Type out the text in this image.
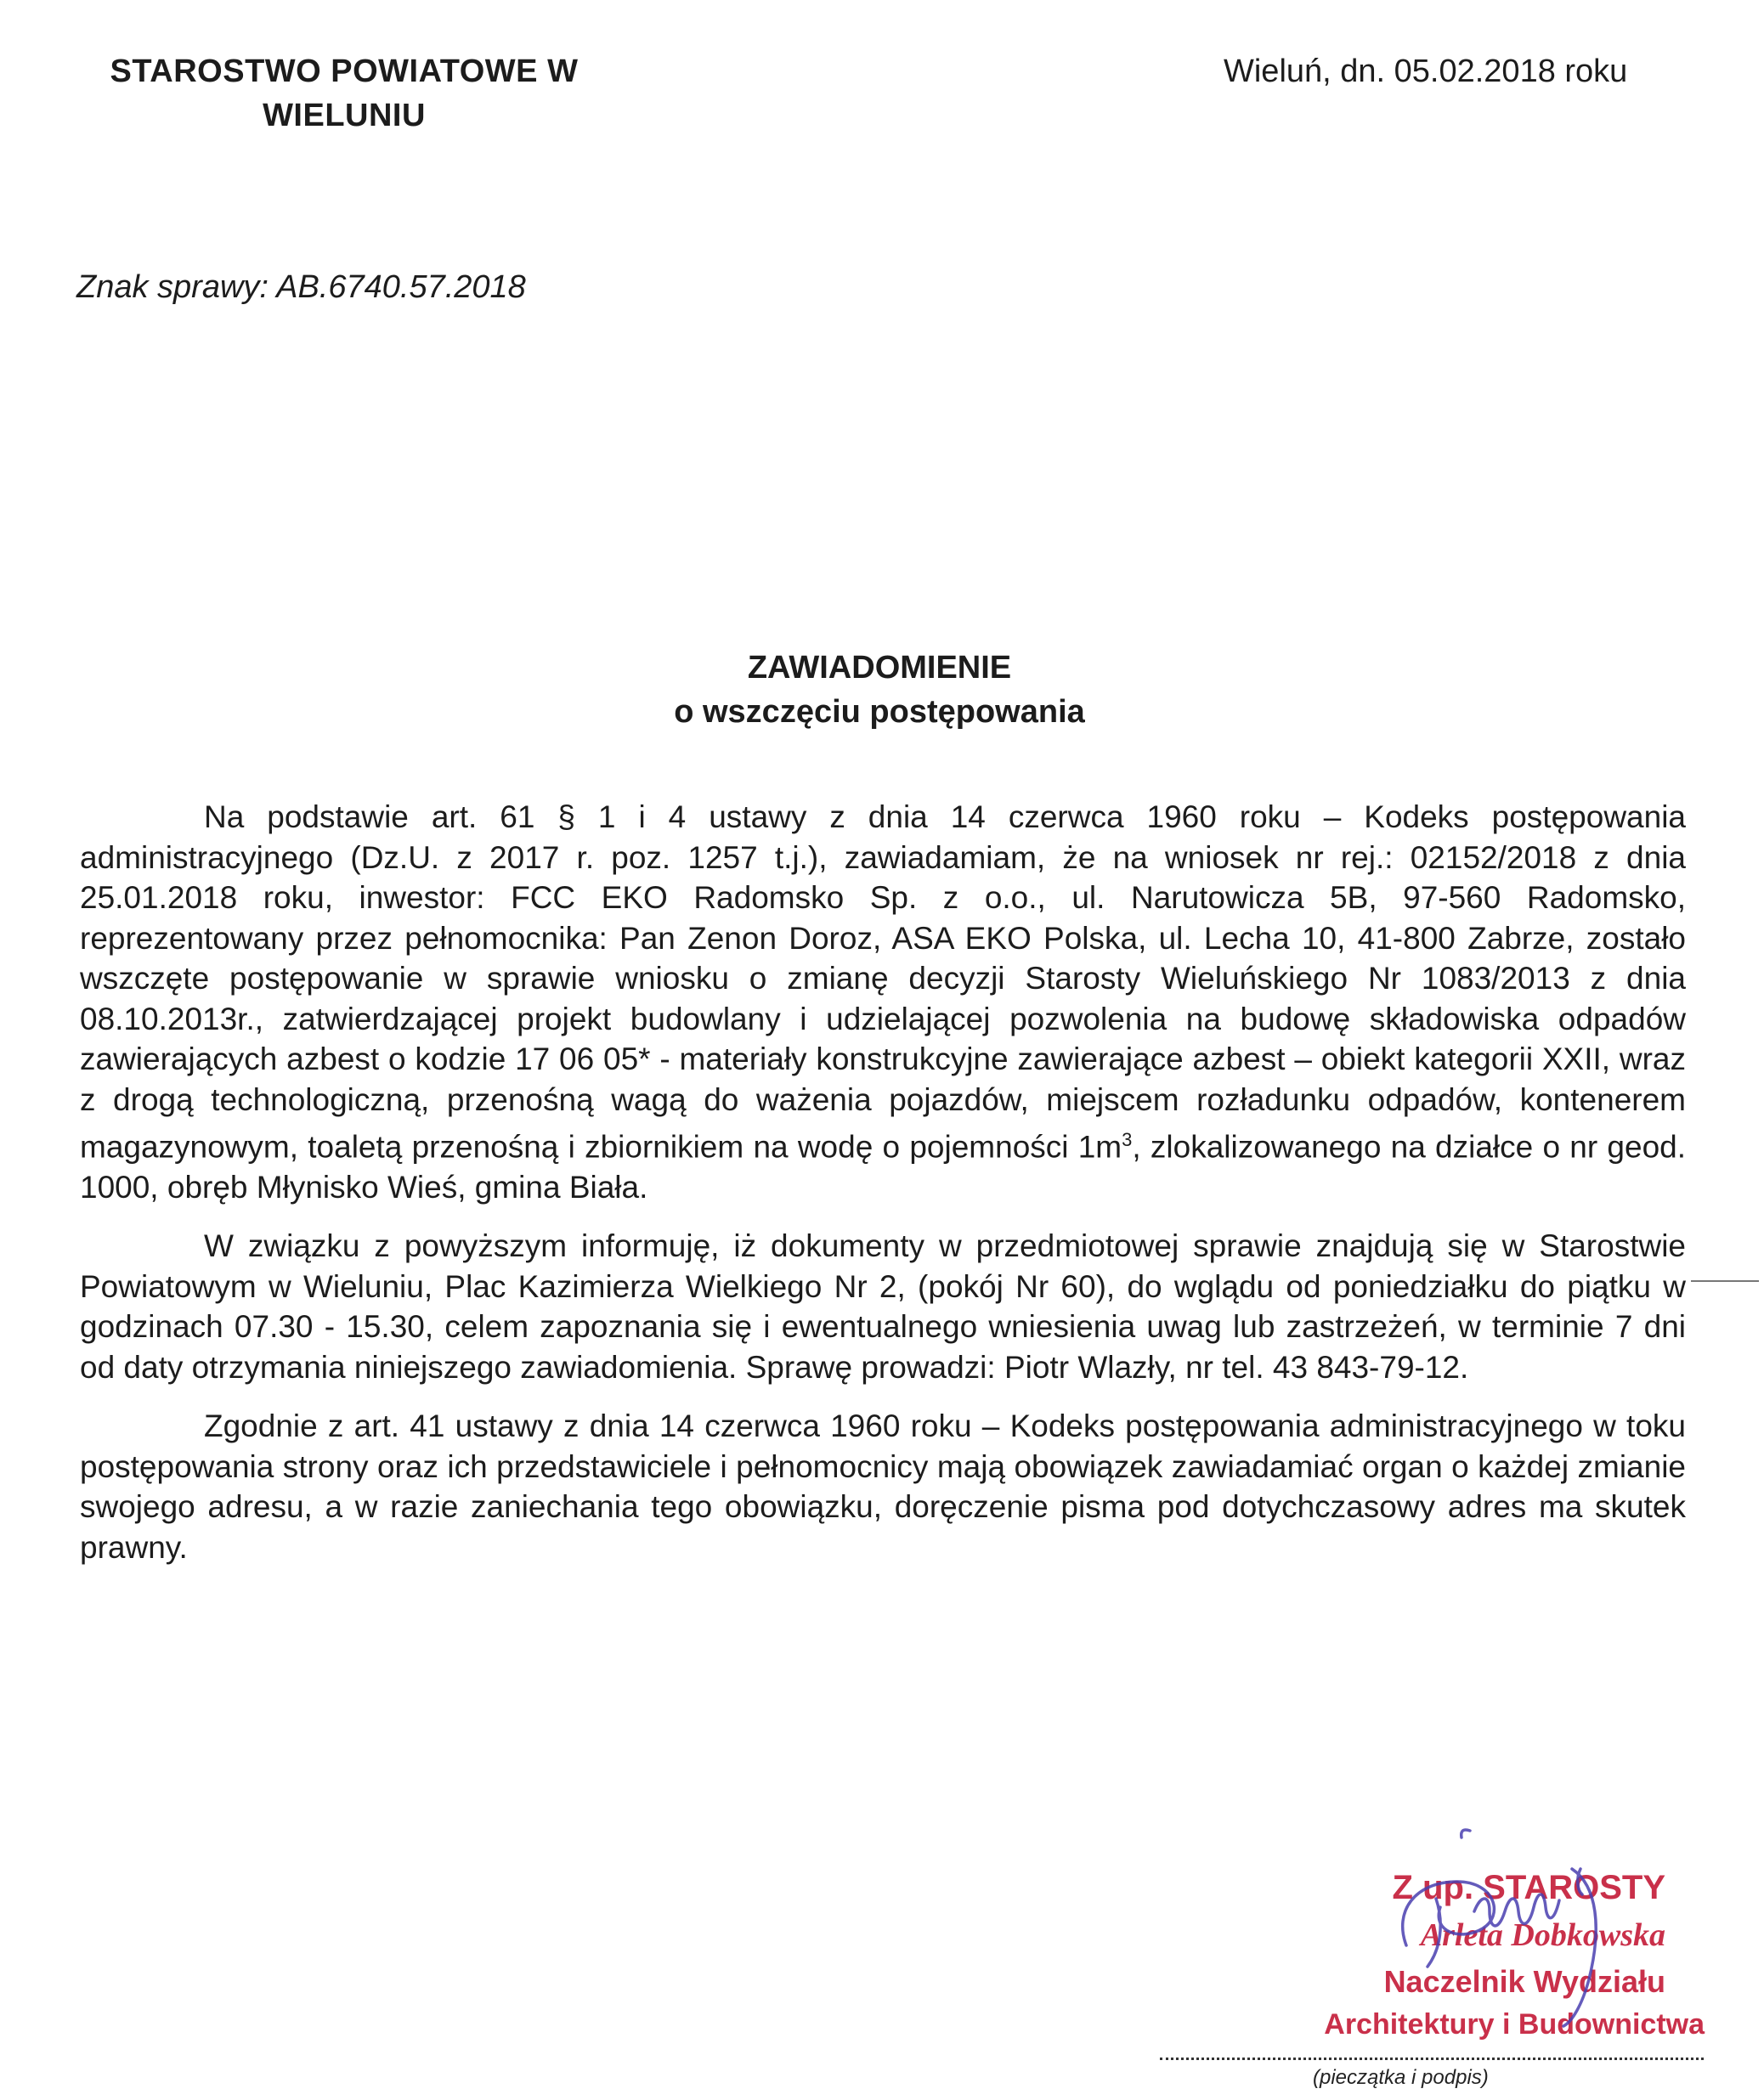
STAROSTWO POWIATOWE W
WIELUNIU
Wieluń, dn. 05.02.2018 roku
Znak sprawy: AB.6740.57.2018
ZAWIADOMIENIE
o wszczęciu postępowania

Na podstawie art. 61 § 1 i 4 ustawy z dnia 14 czerwca 1960 roku – Kodeks postępowania administracyjnego (Dz.U. z 2017 r. poz. 1257 t.j.), zawiadamiam, że na wniosek nr rej.: 02152/2018 z dnia 25.01.2018 roku, inwestor: FCC EKO Radomsko Sp. z o.o., ul. Narutowicza 5B, 97-560 Radomsko, reprezentowany przez pełnomocnika: Pan Zenon Doroz, ASA EKO Polska, ul. Lecha 10, 41-800 Zabrze, zostało wszczęte postępowanie w sprawie wniosku o zmianę decyzji Starosty Wieluńskiego Nr 1083/2013 z dnia 08.10.2013r., zatwierdzającej projekt budowlany i udzielającej pozwolenia na budowę składowiska odpadów zawierających azbest o kodzie 17 06 05* - materiały konstrukcyjne zawierające azbest – obiekt kategorii XXII, wraz z drogą technologiczną, przenośną wagą do ważenia pojazdów, miejscem rozładunku odpadów, kontenerem magazynowym, toaletą przenośną i zbiornikiem na wodę o pojemności $1m^3$, zlokalizowanego na działce o nr geod. 1000, obręb Młynisko Wieś, gmina Biała.

W związku z powyższym informuję, iż dokumenty w przedmiotowej sprawie znajdują się w Starostwie Powiatowym w Wieluniu, Plac Kazimierza Wielkiego Nr 2, (pokój Nr 60), do wglądu od poniedziałku do piątku w godzinach 07.30 - 15.30, celem zapoznania się i ewentualnego wniesienia uwag lub zastrzeżeń, w terminie 7 dni od daty otrzymania niniejszego zawiadomienia. Sprawę prowadzi: Piotr Wlazły, nr tel. 43 843-79-12.

Zgodnie z art. 41 ustawy z dnia 14 czerwca 1960 roku – Kodeks postępowania administracyjnego w toku postępowania strony oraz ich przedstawiciele i pełnomocnicy mają obowiązek zawiadamiać organ o każdej zmianie swojego adresu, a w razie zaniechania tego obowiązku, doręczenie pisma pod dotychczasowy adres ma skutek prawny.

Z up. STAROSTY
Arleta Dobkowska
Naczelnik Wydziału
Architektury i Budownictwa
(pieczątka i podpis)
